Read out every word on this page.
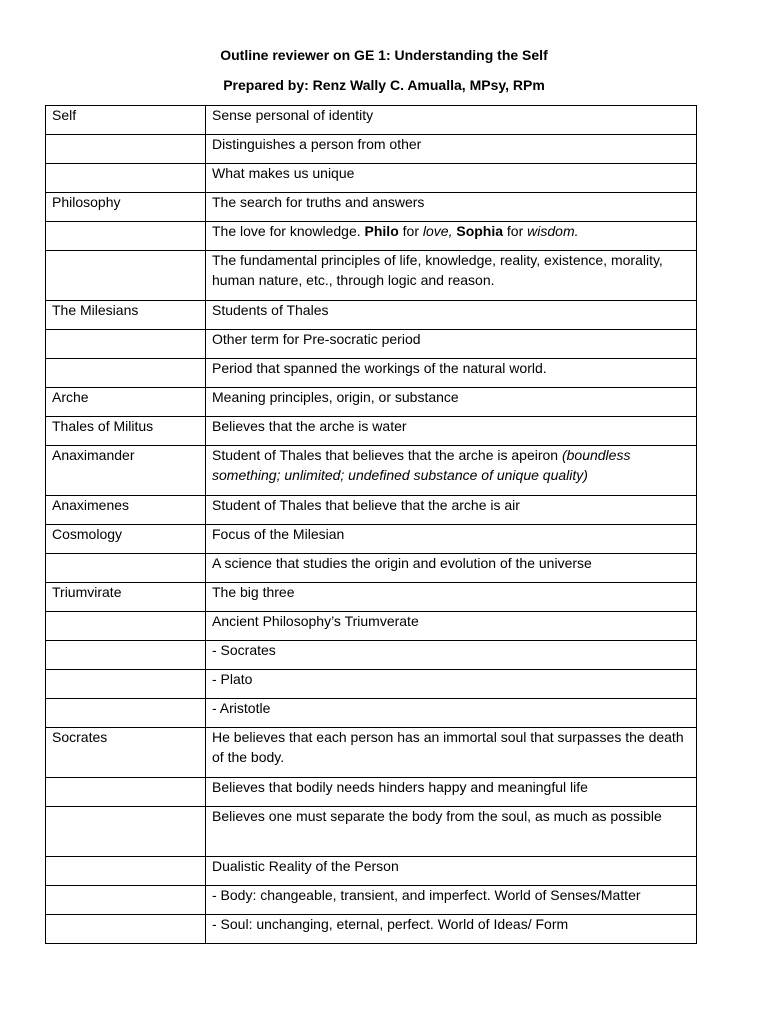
Outline reviewer on GE 1: Understanding the Self

Prepared by: Renz Wally C. Amualla, MPsy, RPm

Self	Sense personal of identity
	Distinguishes a person from other
	What makes us unique
Philosophy	The search for truths and answers
	The love for knowledge. Philo for love, Sophia for wisdom.
	The fundamental principles of life, knowledge, reality, existence, morality, human nature, etc., through logic and reason.
The Milesians	Students of Thales
	Other term for Pre-socratic period
	Period that spanned the workings of the natural world.
Arche	Meaning principles, origin, or substance
Thales of Militus	Believes that the arche is water
Anaximander	Student of Thales that believes that the arche is apeiron (boundless something; unlimited; undefined substance of unique quality)
Anaximenes	Student of Thales that believe that the arche is air
Cosmology	Focus of the Milesian
	A science that studies the origin and evolution of the universe
Triumvirate	The big three
	Ancient Philosophy’s Triumverate
	- Socrates
	- Plato
	- Aristotle
Socrates	He believes that each person has an immortal soul that surpasses the death of the body.
	Believes that bodily needs hinders happy and meaningful life
	Believes one must separate the body from the soul, as much as possible
	Dualistic Reality of the Person
	- Body: changeable, transient, and imperfect. World of Senses/Matter
	- Soul: unchanging, eternal, perfect. World of Ideas/ Form
